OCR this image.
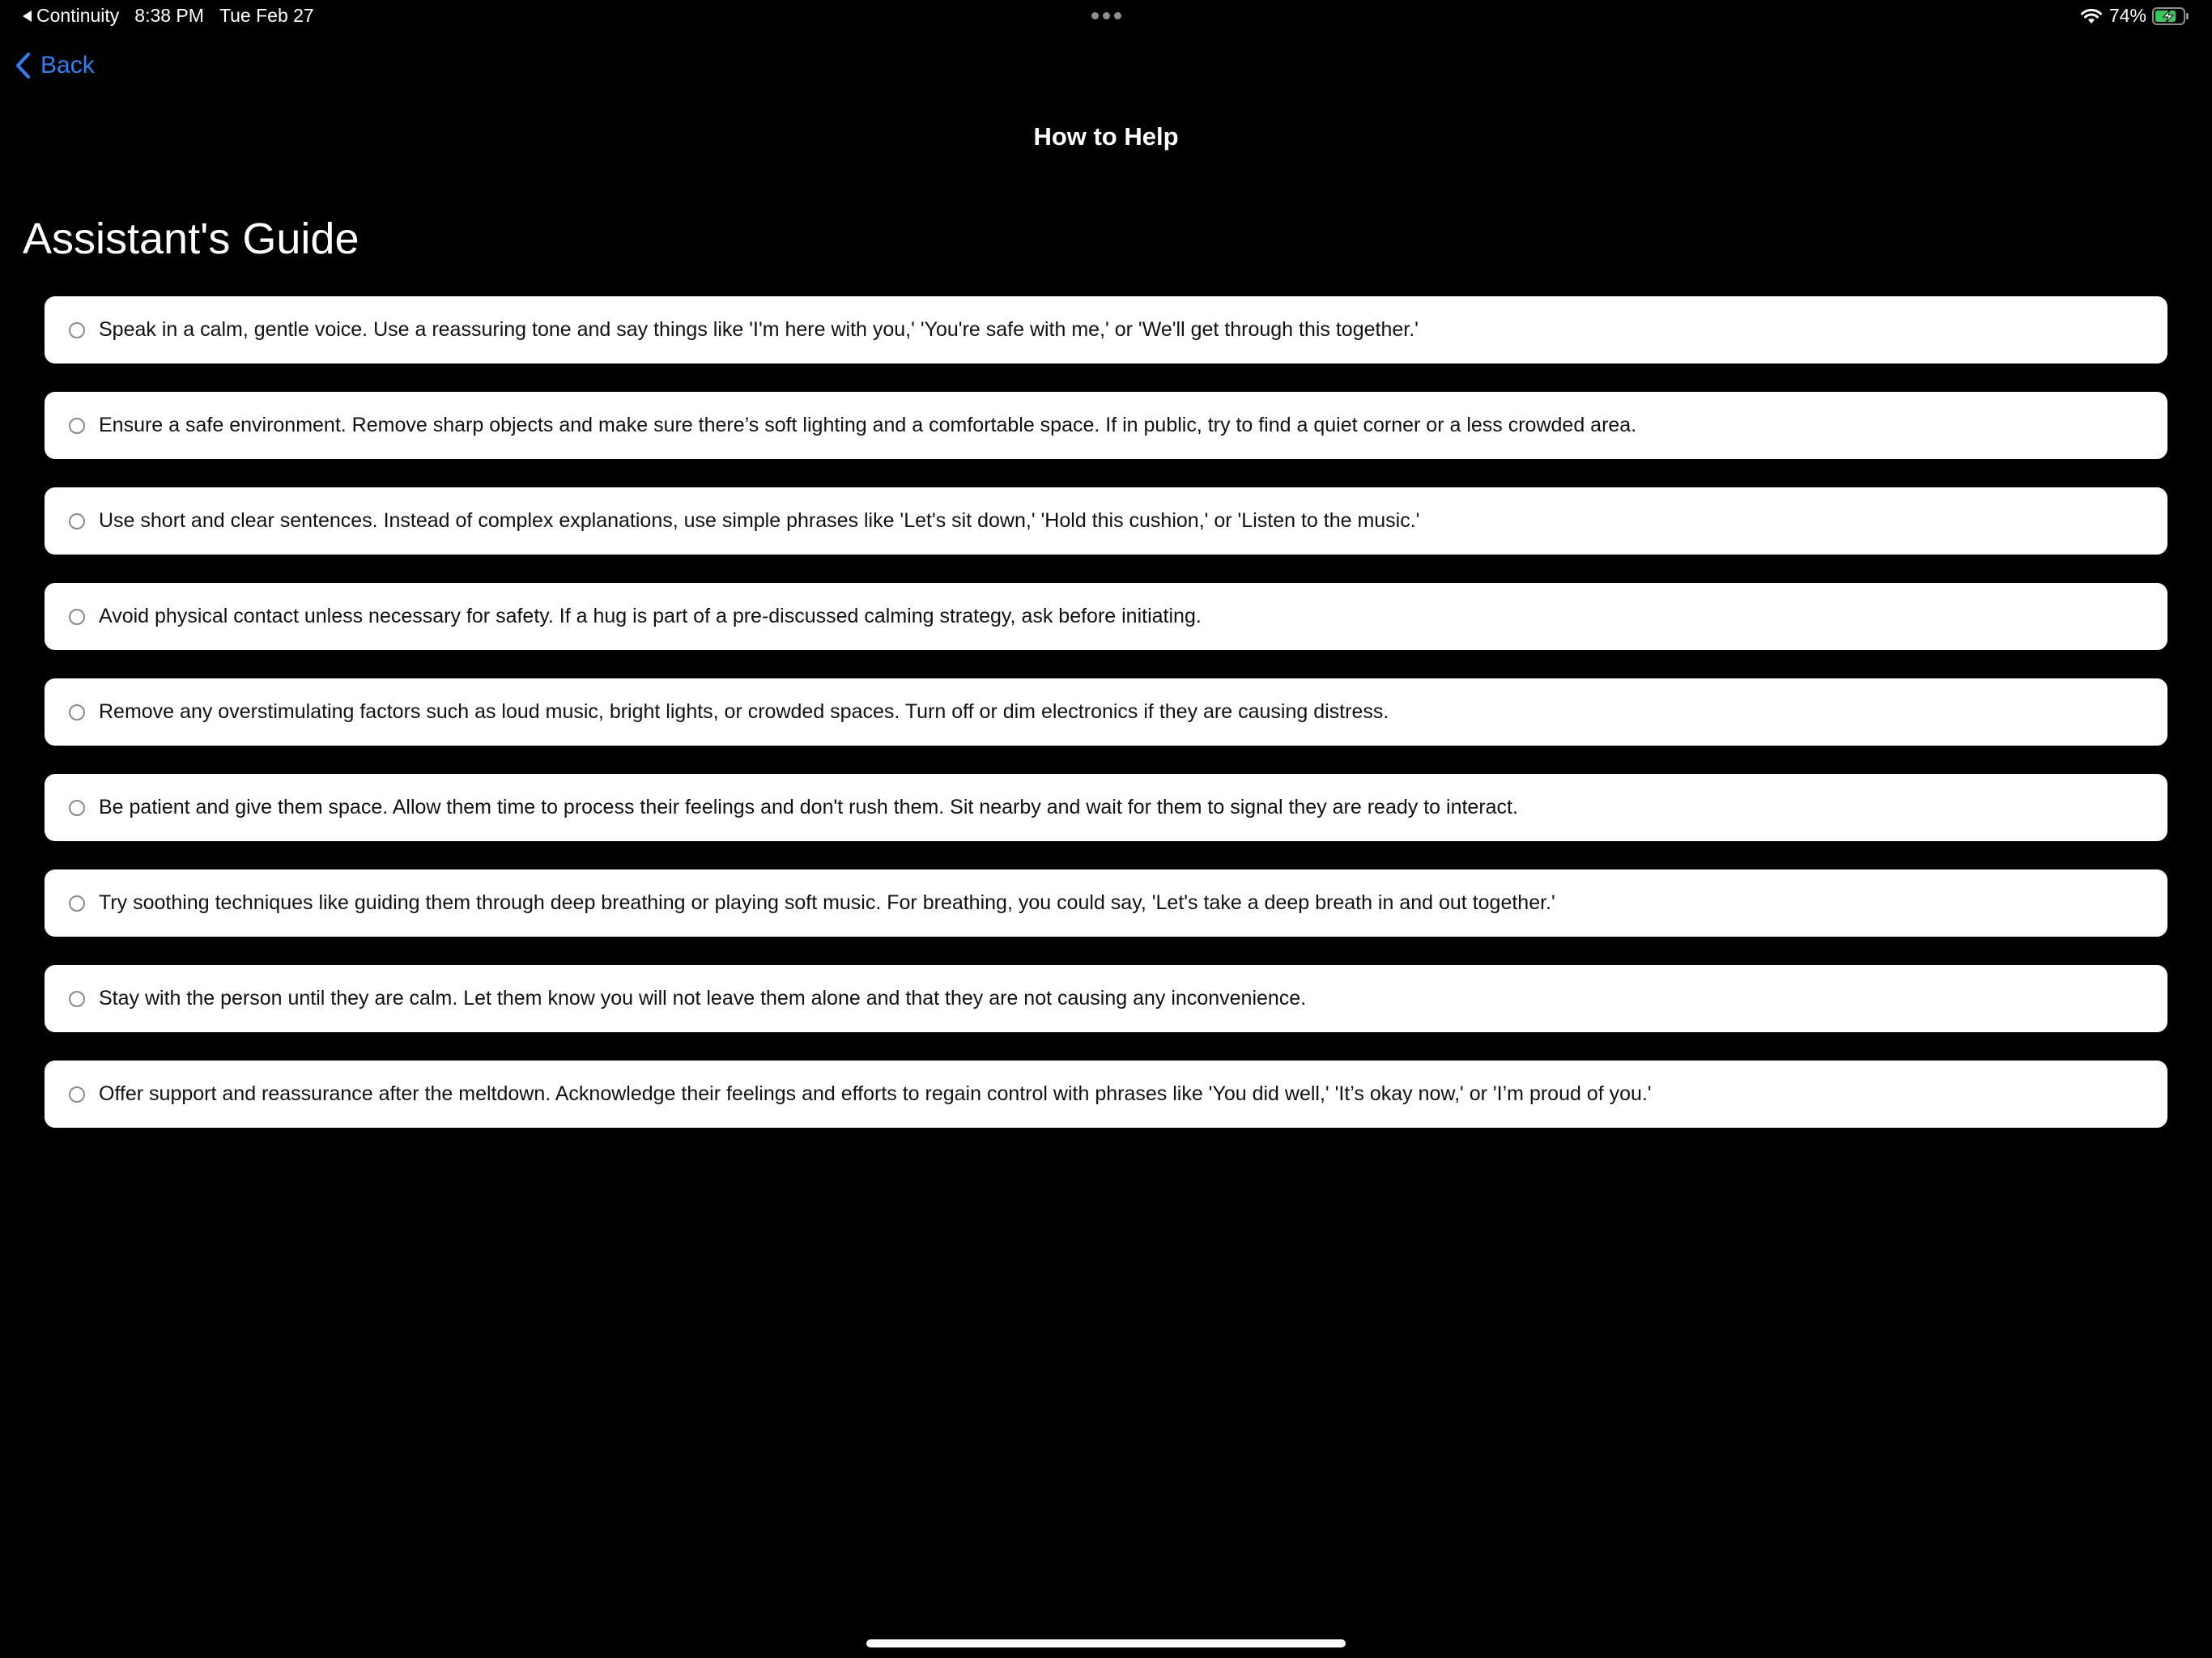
Continuity 8:38 PM Tue Feb 27	74%
Back
How to Help
Assistant's Guide
Speak in a calm, gentle voice. Use a reassuring tone and say things like 'I'm here with you,' 'You're safe with me,' or 'We'll get through this together.'
Ensure a safe environment. Remove sharp objects and make sure there’s soft lighting and a comfortable space. If in public, try to find a quiet corner or a less crowded area.
Use short and clear sentences. Instead of complex explanations, use simple phrases like 'Let's sit down,' 'Hold this cushion,' or 'Listen to the music.'
Avoid physical contact unless necessary for safety. If a hug is part of a pre-discussed calming strategy, ask before initiating.
Remove any overstimulating factors such as loud music, bright lights, or crowded spaces. Turn off or dim electronics if they are causing distress.
Be patient and give them space. Allow them time to process their feelings and don't rush them. Sit nearby and wait for them to signal they are ready to interact.
Try soothing techniques like guiding them through deep breathing or playing soft music. For breathing, you could say, 'Let's take a deep breath in and out together.'
Stay with the person until they are calm. Let them know you will not leave them alone and that they are not causing any inconvenience.
Offer support and reassurance after the meltdown. Acknowledge their feelings and efforts to regain control with phrases like 'You did well,' 'It’s okay now,' or 'I’m proud of you.'
